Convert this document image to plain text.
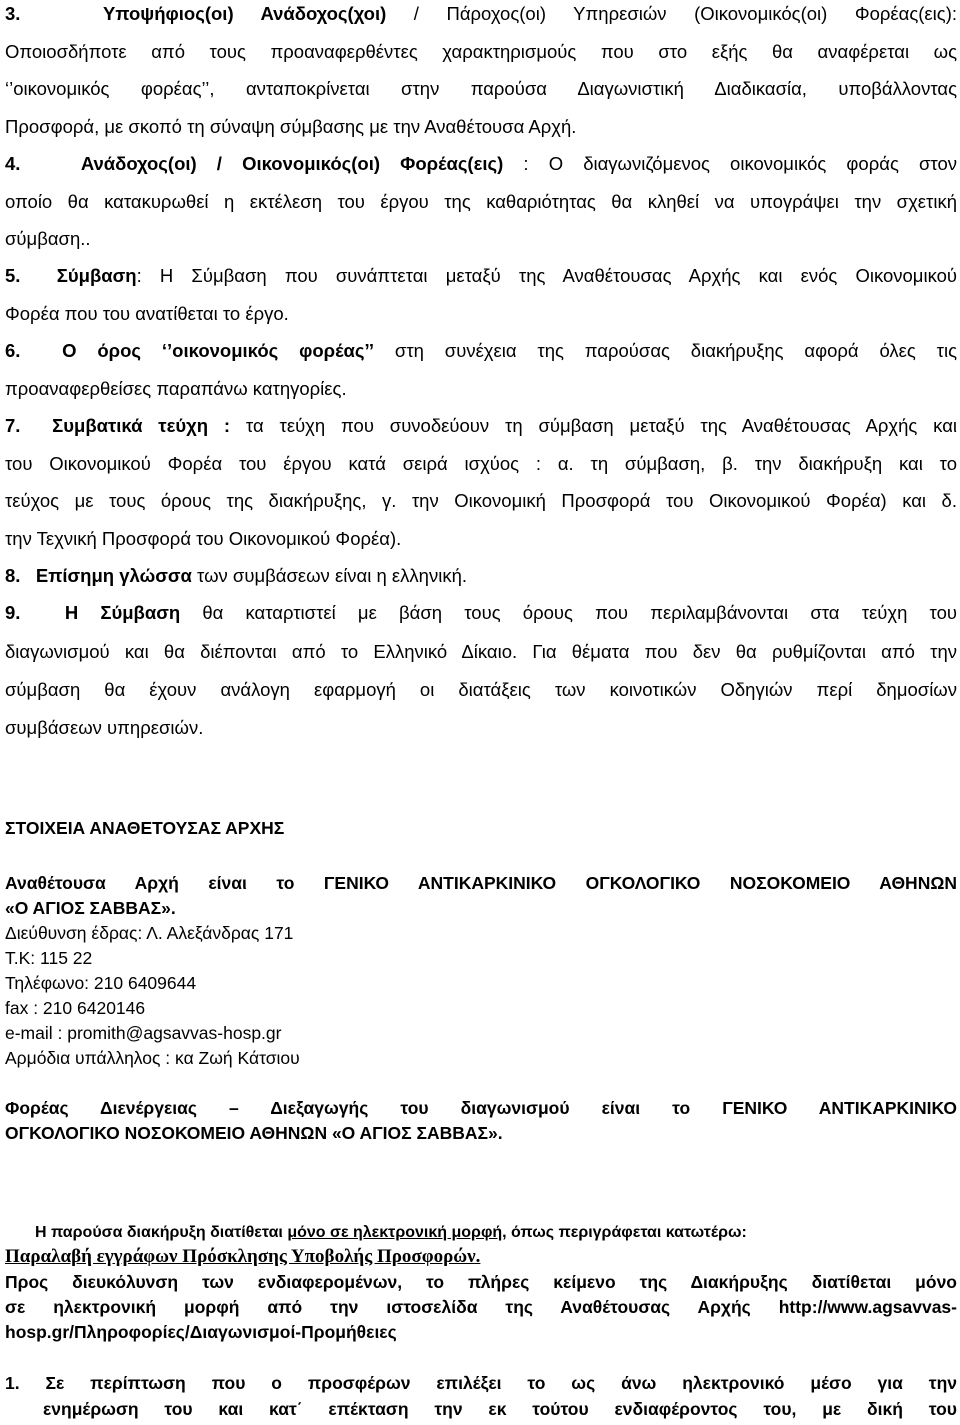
3.	Υποψήφιος(οι) Ανάδοχος(χοι) / Πάροχος(οι) Υπηρεσιών (Οικονομικός(οι) Φορέας(εις):
Οποιοσδήποτε από τους προαναφερθέντες χαρακτηρισμούς που στο εξής θα αναφέρεται ως
‘’οικονομικός φορέας’’, ανταποκρίνεται στην παρούσα Διαγωνιστική Διαδικασία, υποβάλλοντας
Προσφορά, με σκοπό τη σύναψη σύμβασης με την Αναθέτουσα Αρχή.
4.	Ανάδοχος(οι) / Οικονομικός(οι) Φορέας(εις) : Ο διαγωνιζόμενος οικονομικός φοράς στον
οποίο θα κατακυρωθεί η εκτέλεση του έργου της καθαριότητας θα κληθεί να υπογράψει την σχετική
σύμβαση..
5. Σύμβαση: Η Σύμβαση που συνάπτεται μεταξύ της Αναθέτουσας Αρχής και ενός Οικονομικού
Φορέα που του ανατίθεται το έργο.
6. Ο όρος ‘’οικονομικός φορέας’’ στη συνέχεια της παρούσας διακήρυξης αφορά όλες τις
προαναφερθείσες παραπάνω κατηγορίες.
7. Συμβατικά τεύχη : τα τεύχη που συνοδεύουν τη σύμβαση μεταξύ της Αναθέτουσας Αρχής και
του Οικονομικού Φορέα του έργου κατά σειρά ισχύος : α. τη σύμβαση, β. την διακήρυξη και το
τεύχος με τους όρους της διακήρυξης, γ. την Οικονομική Προσφορά του Οικονομικού Φορέα) και δ.
την Τεχνική Προσφορά του Οικονομικού Φορέα).
8. Επίσημη γλώσσα των συμβάσεων είναι η ελληνική.
9. Η Σύμβαση θα καταρτιστεί με βάση τους όρους που περιλαμβάνονται στα τεύχη του
διαγωνισμού και θα διέπονται από το Ελληνικό Δίκαιο. Για θέματα που δεν θα ρυθμίζονται από την
σύμβαση θα έχουν ανάλογη εφαρμογή οι διατάξεις των κοινοτικών Οδηγιών περί δημοσίων
συμβάσεων υπηρεσιών.
ΣΤΟΙΧΕΙΑ ΑΝΑΘΕΤΟΥΣΑΣ ΑΡΧΗΣ
Αναθέτουσα Αρχή είναι το ΓΕΝΙΚΟ ΑΝΤΙΚΑΡΚΙΝΙΚΟ ΟΓΚΟΛΟΓΙΚΟ ΝΟΣΟΚΟΜΕΙΟ ΑΘΗΝΩΝ
«Ο ΑΓΙΟΣ ΣΑΒΒΑΣ».
Διεύθυνση έδρας: Λ. Αλεξάνδρας 171
Τ.Κ: 115 22
Τηλέφωνο: 210 6409644
fax : 210 6420146
e-mail : promith@agsavvas-hosp.gr
Αρμόδια υπάλληλος : κα Ζωή Κάτσιου
Φορέας Διενέργειας – Διεξαγωγής του διαγωνισμού είναι το ΓΕΝΙΚΟ ΑΝΤΙΚΑΡΚΙΝΙΚΟ
ΟΓΚΟΛΟΓΙΚΟ ΝΟΣΟΚΟΜΕΙΟ ΑΘΗΝΩΝ «Ο ΑΓΙΟΣ ΣΑΒΒΑΣ».
Η παρούσα διακήρυξη διατίθεται μόνο σε ηλεκτρονική μορφή, όπως περιγράφεται κατωτέρω:
Παραλαβή εγγράφων Πρόσκλησης Υποβολής Προσφορών.
Προς διευκόλυνση των ενδιαφερομένων, το πλήρες κείμενο της Διακήρυξης διατίθεται μόνο
σε ηλεκτρονική μορφή από την ιστοσελίδα της Αναθέτουσας Αρχής http://www.agsavvas-
hosp.gr/Πληροφορίες/Διαγωνισμοί-Προμήθειες
1. Σε περίπτωση που ο προσφέρων επιλέξει το ως άνω ηλεκτρονικό μέσο για την
ενημέρωση του και κατ΄ επέκταση την εκ τούτου ενδιαφέροντος του, με δική του
